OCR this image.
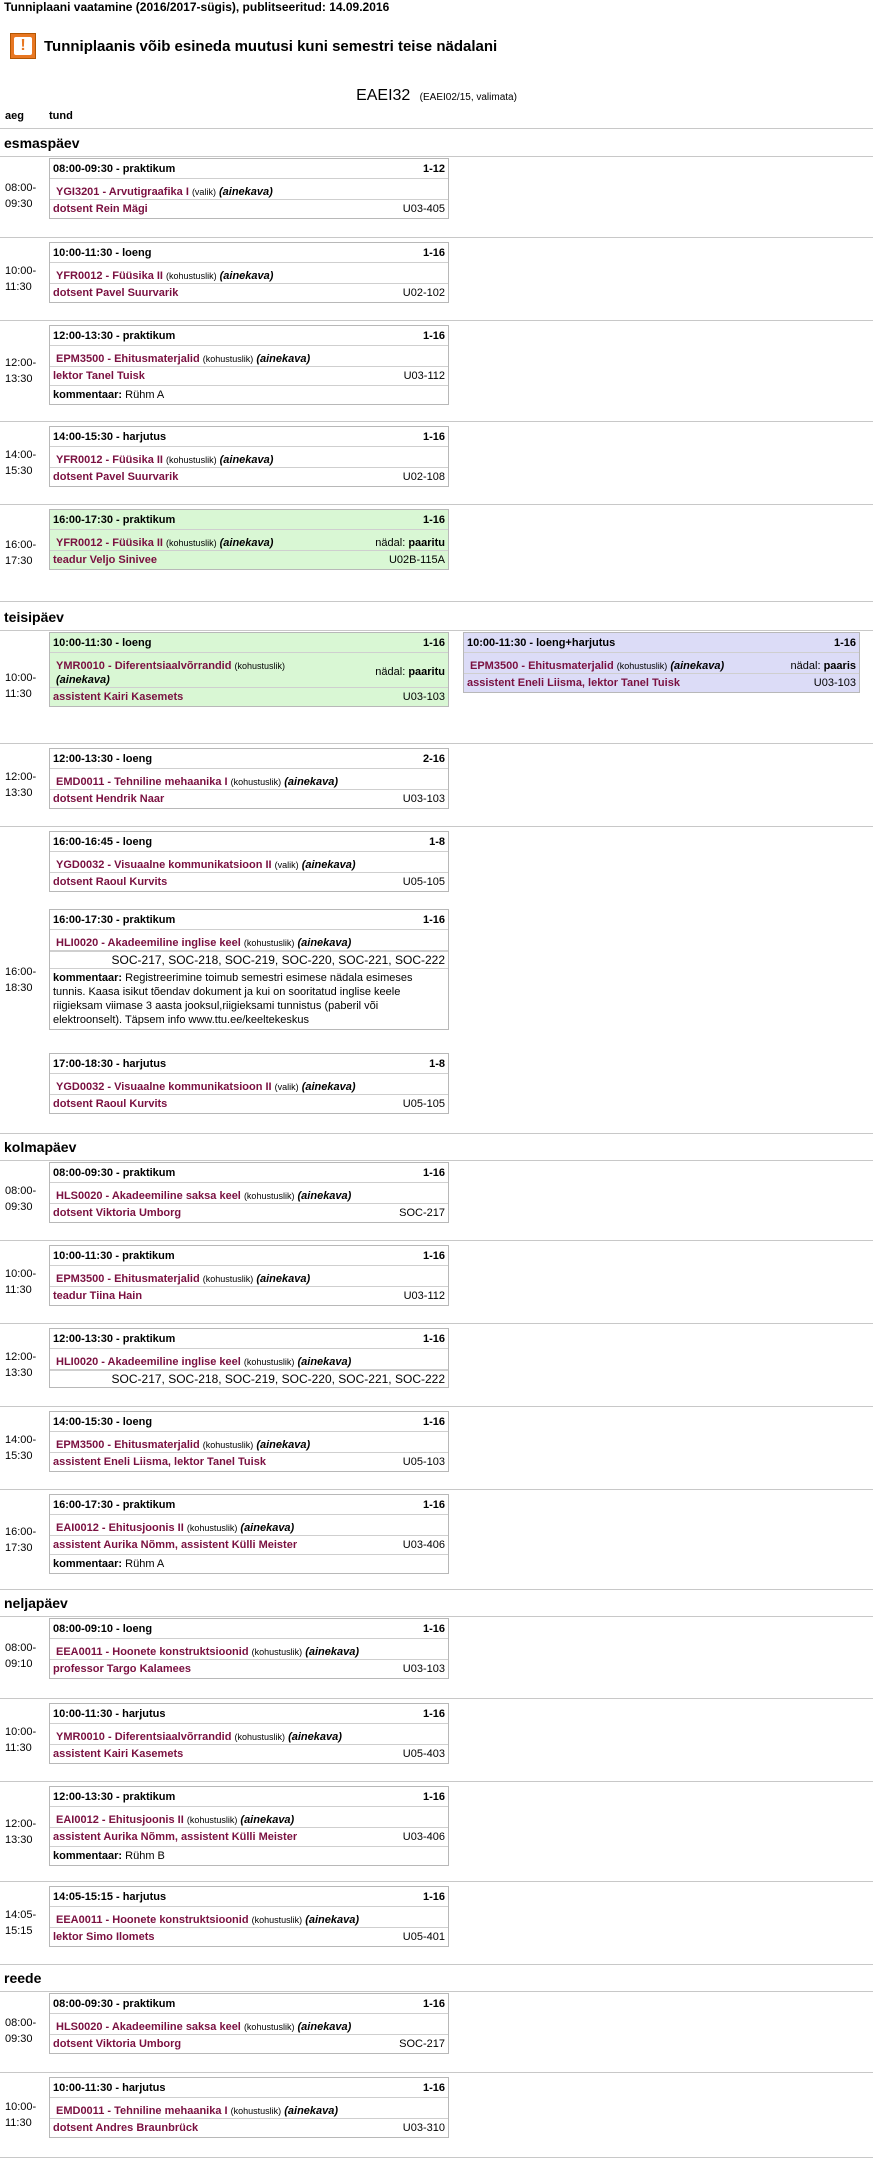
Tunniplaani vaatamine (2016/2017-sügis), publitseeritud: 14.09.2016
!	Tunniplaanis võib esineda muutusi kuni semestri teise nädalani
EAEI32 (EAEI02/15, valimata)
aeg tund
esmaspäev
08:00-
09:30
08:00-09:30 - praktikum	1-12
YGI3201 - Arvutigraafika I (valik) (ainekava)
dotsent Rein Mägi	U03-405
10:00-
11:30
10:00-11:30 - loeng	1-16
YFR0012 - Füüsika II (kohustuslik) (ainekava)
dotsent Pavel Suurvarik	U02-102
12:00-
13:30
12:00-13:30 - praktikum	1-16
EPM3500 - Ehitusmaterjalid (kohustuslik) (ainekava)
lektor Tanel Tuisk	U03-112
kommentaar: Rühm A
14:00-
15:30
14:00-15:30 - harjutus	1-16
YFR0012 - Füüsika II (kohustuslik) (ainekava)
dotsent Pavel Suurvarik	U02-108
16:00-
17:30
16:00-17:30 - praktikum	1-16
nädal: paaritu
YFR0012 - Füüsika II (kohustuslik) (ainekava)
teadur Veljo Sinivee	U02B-115A
teisipäev
10:00-
11:30
10:00-11:30 - loeng	1-16
nädal: paaritu
YMR0010 - Diferentsiaalvõrrandid (kohustuslik)
(ainekava)
assistent Kairi Kasemets	U03-103
10:00-11:30 - loeng+harjutus	1-16
nädal: paaris
EPM3500 - Ehitusmaterjalid (kohustuslik) (ainekava)
assistent Eneli Liisma, lektor Tanel Tuisk	U03-103
12:00-
13:30
12:00-13:30 - loeng	2-16
EMD0011 - Tehniline mehaanika I (kohustuslik) (ainekava)
dotsent Hendrik Naar	U03-103
16:00-
18:30
16:00-16:45 - loeng	1-8
YGD0032 - Visuaalne kommunikatsioon II (valik) (ainekava)
dotsent Raoul Kurvits	U05-105
16:00-17:30 - praktikum	1-16
HLI0020 - Akadeemiline inglise keel (kohustuslik) (ainekava)
SOC-217, SOC-218, SOC-219, SOC-220, SOC-221, SOC-222
kommentaar: Registreerimine toimub semestri esimese nädala esimeses tunnis. Kaasa isikut tõendav dokument ja kui on sooritatud inglise keele riigieksam viimase 3 aasta jooksul,riigieksami tunnistus (paberil või elektroonselt). Täpsem info www.ttu.ee/keeltekeskus
17:00-18:30 - harjutus	1-8
YGD0032 - Visuaalne kommunikatsioon II (valik) (ainekava)
dotsent Raoul Kurvits	U05-105
kolmapäev
08:00-
09:30
08:00-09:30 - praktikum	1-16
HLS0020 - Akadeemiline saksa keel (kohustuslik) (ainekava)
dotsent Viktoria Umborg	SOC-217
10:00-
11:30
10:00-11:30 - praktikum	1-16
EPM3500 - Ehitusmaterjalid (kohustuslik) (ainekava)
teadur Tiina Hain	U03-112
12:00-
13:30
12:00-13:30 - praktikum	1-16
HLI0020 - Akadeemiline inglise keel (kohustuslik) (ainekava)
SOC-217, SOC-218, SOC-219, SOC-220, SOC-221, SOC-222
14:00-
15:30
14:00-15:30 - loeng	1-16
EPM3500 - Ehitusmaterjalid (kohustuslik) (ainekava)
assistent Eneli Liisma, lektor Tanel Tuisk	U05-103
16:00-
17:30
16:00-17:30 - praktikum	1-16
EAI0012 - Ehitusjoonis II (kohustuslik) (ainekava)
assistent Aurika Nõmm, assistent Külli Meister	U03-406
kommentaar: Rühm A
neljapäev
08:00-
09:10
08:00-09:10 - loeng	1-16
EEA0011 - Hoonete konstruktsioonid (kohustuslik) (ainekava)
professor Targo Kalamees	U03-103
10:00-
11:30
10:00-11:30 - harjutus	1-16
YMR0010 - Diferentsiaalvõrrandid (kohustuslik) (ainekava)
assistent Kairi Kasemets	U05-403
12:00-
13:30
12:00-13:30 - praktikum	1-16
EAI0012 - Ehitusjoonis II (kohustuslik) (ainekava)
assistent Aurika Nõmm, assistent Külli Meister	U03-406
kommentaar: Rühm B
14:05-
15:15
14:05-15:15 - harjutus	1-16
EEA0011 - Hoonete konstruktsioonid (kohustuslik) (ainekava)
lektor Simo Ilomets	U05-401
reede
08:00-
09:30
08:00-09:30 - praktikum	1-16
HLS0020 - Akadeemiline saksa keel (kohustuslik) (ainekava)
dotsent Viktoria Umborg	SOC-217
10:00-
11:30
10:00-11:30 - harjutus	1-16
EMD0011 - Tehniline mehaanika I (kohustuslik) (ainekava)
dotsent Andres Braunbrück	U03-310
